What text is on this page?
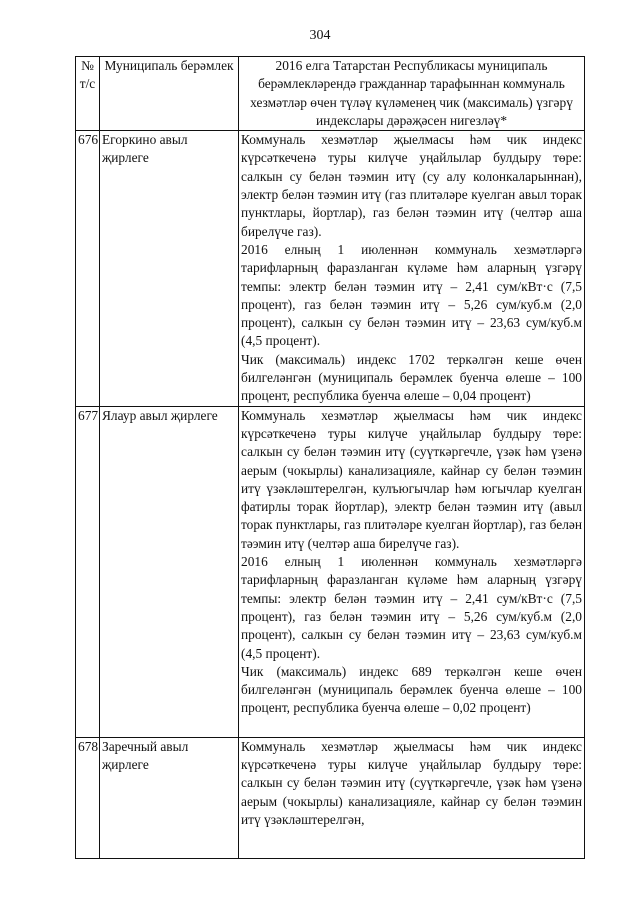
304
№ т/с	Муниципаль берәмлек	2016 елга Татарстан Республикасы муниципаль берәмлекләрендә гражданнар тарафыннан коммуналь хезмәтләр өчен түләү күләменең чик (максималь) үзгәрү индекслары дәрәҗәсен нигезләү*
676	Егоркино авыл җирлеге	Коммуналь хезмәтләр җыелмасы һәм чик индекс күрсәткеченә туры килүче уңайлылар булдыру төре: салкын су белән тәэмин итү (су алу колонкаларыннан), электр белән тәэмин итү (газ плитәләре куелган авыл торак пунктлары, йортлар), газ белән тәэмин итү (челтәр аша бирелүче газ).

2016 елның 1 июленнән коммуналь хезмәтләргә тарифларның фаразланган күләме һәм аларның үзгәрү темпы: электр белән тәэмин итү – 2,41 сум/кВт·с (7,5 процент), газ белән тәэмин итү – 5,26 сум/куб.м (2,0 процент), салкын су белән тәэмин итү – 23,63 сум/куб.м (4,5 процент).

Чик (максималь) индекс 1702 теркәлгән кеше өчен билгеләнгән (муниципаль берәмлек буенча өлеше – 100 процент, республика буенча өлеше – 0,04 процент)

677	Ялаур авыл җирлеге	Коммуналь хезмәтләр җыелмасы һәм чик индекс күрсәткеченә туры килүче уңайлылар булдыру төре: салкын су белән тәэмин итү (суүткәргечле, үзәк һәм үзенә аерым (чокырлы) канализацияле, кайнар су белән тәэмин итү үзәкләштерелгән, кулъюгычлар һәм югычлар куелган фатирлы торак йортлар), электр белән тәэмин итү (авыл торак пунктлары, газ плитәләре куелган йортлар), газ белән тәэмин итү (челтәр аша бирелүче газ).

2016 елның 1 июленнән коммуналь хезмәтләргә тарифларның фаразланган күләме һәм аларның үзгәрү темпы: электр белән тәэмин итү – 2,41 сум/кВт·с (7,5 процент), газ белән тәэмин итү – 5,26 сум/куб.м (2,0 процент), салкын су белән тәэмин итү – 23,63 сум/куб.м (4,5 процент).

Чик (максималь) индекс 689 теркәлгән кеше өчен билгеләнгән (муниципаль берәмлек буенча өлеше – 100 процент, республика буенча өлеше – 0,02 процент)

678	Заречный авыл җирлеге	Коммуналь хезмәтләр җыелмасы һәм чик индекс күрсәткеченә туры килүче уңайлылар булдыру төре: салкын су белән тәэмин итү (суүткәргечле, үзәк һәм үзенә аерым (чокырлы) канализацияле, кайнар су белән тәэмин итү үзәкләштерелгән,
